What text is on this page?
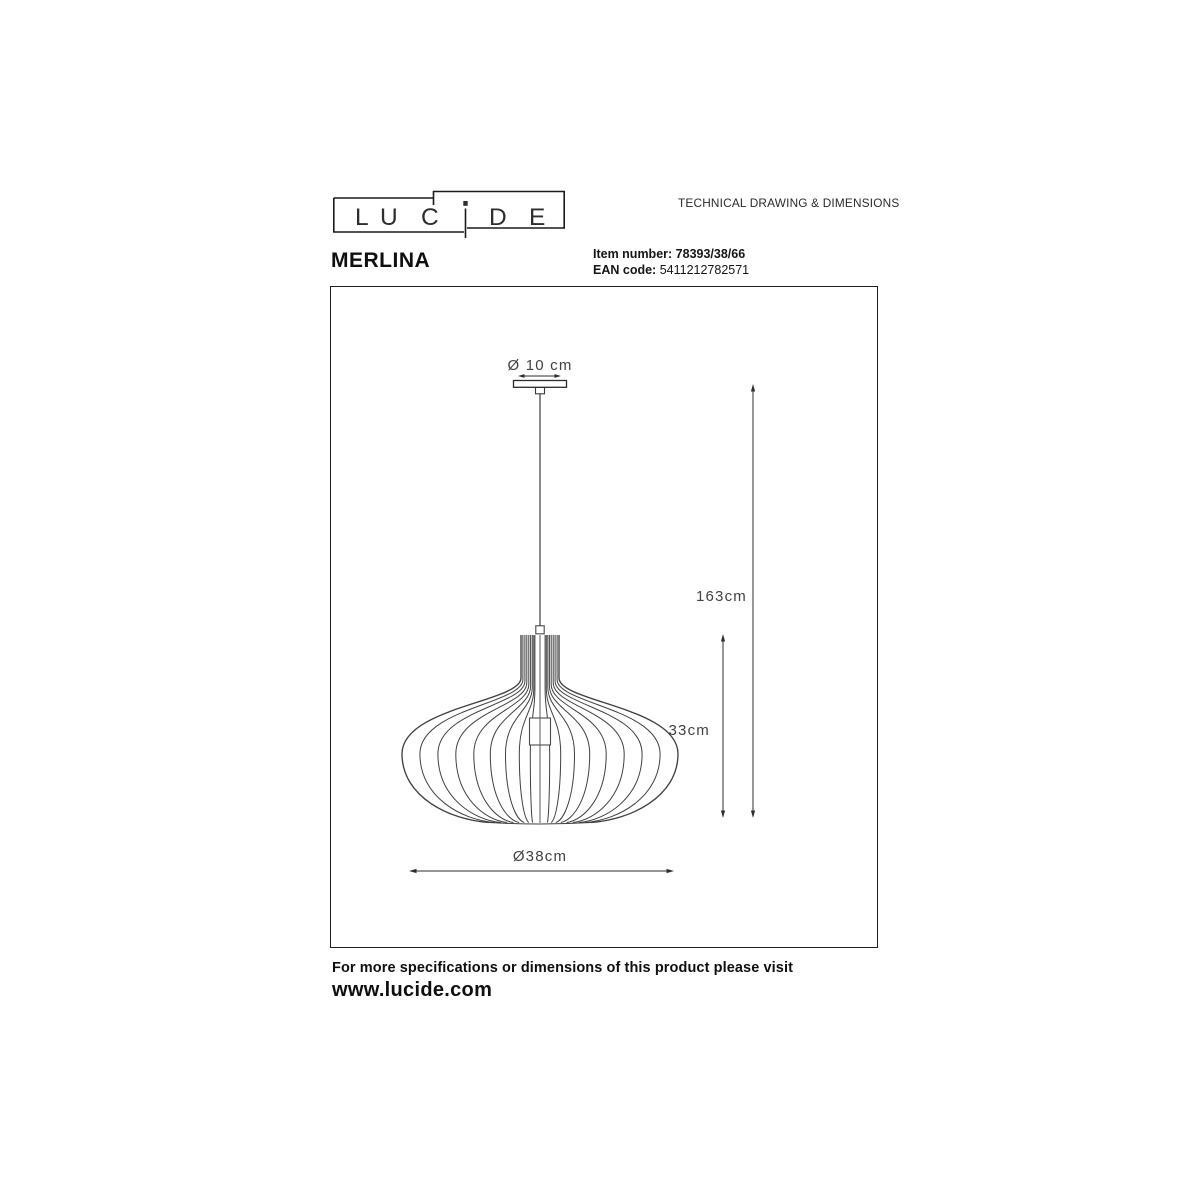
L U C D E
TECHNICAL DRAWING & DIMENSIONS
MERLINA	Item number: 78393/38/66
EAN code: 5411212782571
Ø 10 cm
163cm
33cm
Ø38cm
For more specifications or dimensions of this product please visit
www.lucide.com
